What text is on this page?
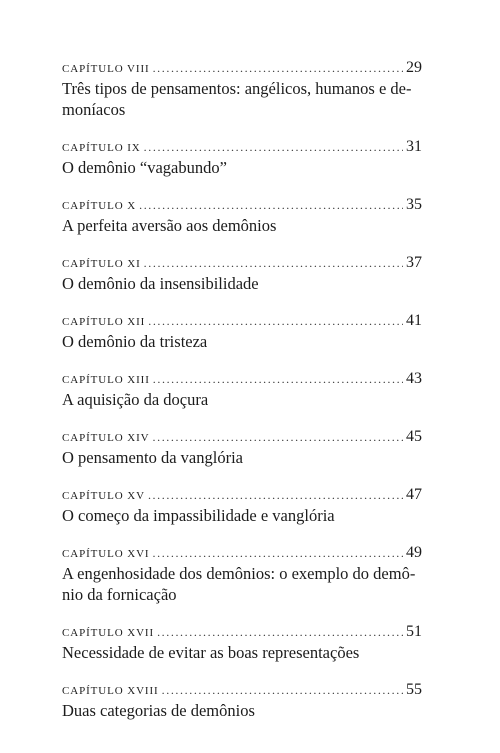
CAPÍTULO VIII .....	29
Três tipos de pensamentos: angélicos, humanos e de-
moníacos
CAPÍTULO IX .....	31
O demônio “vagabundo”
CAPÍTULO X .....	35
A perfeita aversão aos demônios
CAPÍTULO XI .....	37
O demônio da insensibilidade
CAPÍTULO XII .....	41
O demônio da tristeza
CAPÍTULO XIII .....	43
A aquisição da doçura
CAPÍTULO XIV .....	45
O pensamento da vanglória
CAPÍTULO XV .....	47
O começo da impassibilidade e vanglória
CAPÍTULO XVI .....	49
A engenhosidade dos demônios: o exemplo do demô-
nio da fornicação
CAPÍTULO XVII .....	51
Necessidade de evitar as boas representações
CAPÍTULO XVIII .....	55
Duas categorias de demônios
